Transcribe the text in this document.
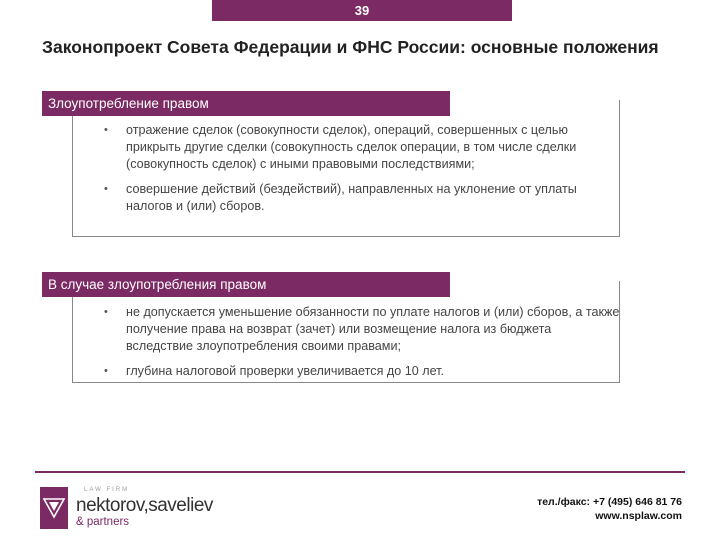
39
Законопроект Совета Федерации и ФНС России: основные положения
Злоупотребление правом
• отражение сделок (совокупности сделок), операций, совершенных с целью прикрыть другие сделки (совокупность сделок операции, в том числе сделки (совокупность сделок) с иными правовыми последствиями;
• совершение действий (бездействий), направленных на уклонение от уплаты налогов и (или) сборов.
В случае злоупотребления правом
• не допускается уменьшение обязанности по уплате налогов и (или) сборов, а также получение права на возврат (зачет) или возмещение налога из бюджета вследствие злоупотребления своими правами;
• глубина налоговой проверки увеличивается до 10 лет.
LAW FIRM
nektorov,saveliev
& partners
тел./факс: +7 (495) 646 81 76
www.nsplaw.com
